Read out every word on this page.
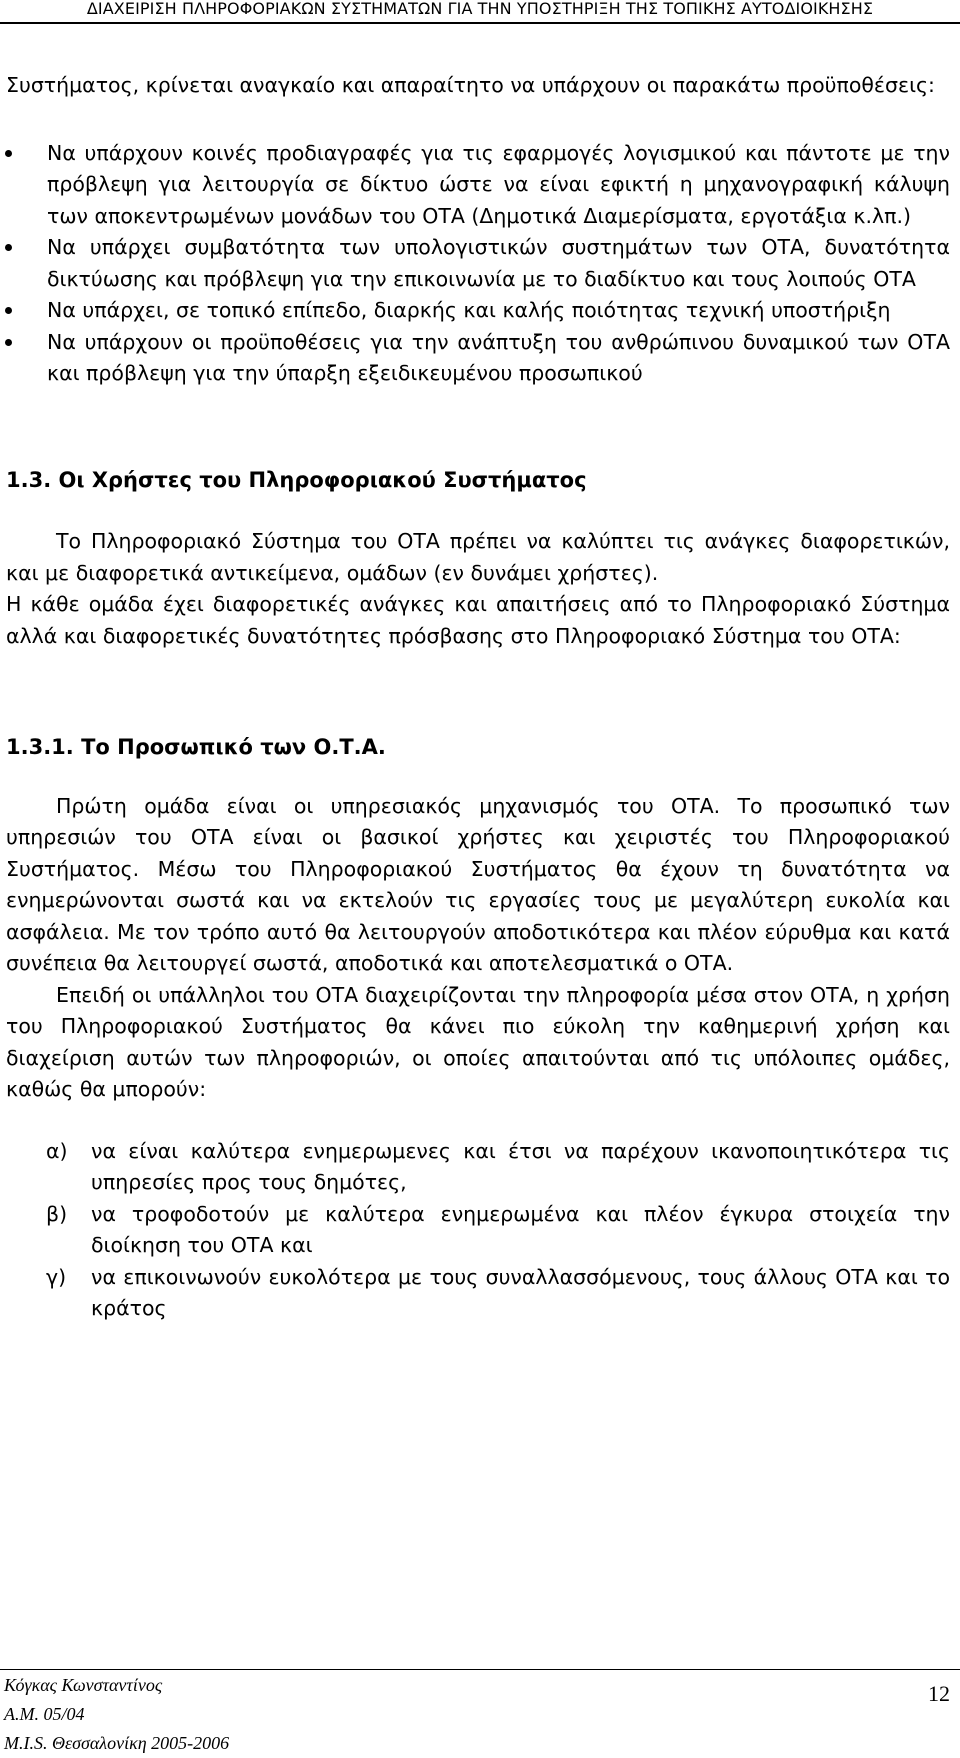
ΔΙΑΧΕΙΡΙΣΗ ΠΛΗΡΟΦΟΡΙΑΚΩΝ ΣΥΣΤΗΜΑΤΩΝ ΓΙΑ ΤΗΝ ΥΠΟΣΤΗΡΙΞΗ ΤΗΣ ΤΟΠΙΚΗΣ ΑΥΤΟΔΙΟΙΚΗΣΗΣ

Συστήματος, κρίνεται αναγκαίο και απαραίτητο να υπάρχουν οι παρακάτω προϋποθέσεις:

Να υπάρχουν κοινές προδιαγραφές για τις εφαρμογές λογισμικού και πάντοτε με την πρόβλεψη για λειτουργία σε δίκτυο ώστε να είναι εφικτή η μηχανογραφική κάλυψη των αποκεντρωμένων μονάδων του ΟΤΑ (Δημοτικά Διαμερίσματα, εργοτάξια κ.λπ.)
Να υπάρχει συμβατότητα των υπολογιστικών συστημάτων των ΟΤΑ, δυνατότητα δικτύωσης και πρόβλεψη για την επικοινωνία με το διαδίκτυο και τους λοιπούς ΟΤΑ
Να υπάρχει, σε τοπικό επίπεδο, διαρκής και καλής ποιότητας τεχνική υποστήριξη
Να υπάρχουν οι προϋποθέσεις για την ανάπτυξη του ανθρώπινου δυναμικού των ΟΤΑ και πρόβλεψη για την ύπαρξη εξειδικευμένου προσωπικού
1.3. Οι Χρήστες του Πληροφοριακού Συστήματος

Το Πληροφοριακό Σύστημα του ΟΤΑ πρέπει να καλύπτει τις ανάγκες διαφορετικών, και με διαφορετικά αντικείμενα, ομάδων (εν δυνάμει χρήστες).

Η κάθε ομάδα έχει διαφορετικές ανάγκες και απαιτήσεις από το Πληροφοριακό Σύστημα αλλά και διαφορετικές δυνατότητες πρόσβασης στο Πληροφοριακό Σύστημα του ΟΤΑ:

1.3.1. Το Προσωπικό των Ο.Τ.Α.

Πρώτη ομάδα είναι οι υπηρεσιακός μηχανισμός του ΟΤΑ. Το προσωπικό των υπηρεσιών του ΟΤΑ είναι οι βασικοί χρήστες και χειριστές του Πληροφοριακού Συστήματος. Μέσω του Πληροφοριακού Συστήματος θα έχουν τη δυνατότητα να ενημερώνονται σωστά και να εκτελούν τις εργασίες τους με μεγαλύτερη ευκολία και ασφάλεια. Με τον τρόπο αυτό θα λειτουργούν αποδοτικότερα και πλέον εύρυθμα και κατά συνέπεια θα λειτουργεί σωστά, αποδοτικά και αποτελεσματικά ο ΟΤΑ.

Επειδή οι υπάλληλοι του ΟΤΑ διαχειρίζονται την πληροφορία μέσα στον ΟΤΑ, η χρήση του Πληροφοριακού Συστήματος θα κάνει πιο εύκολη την καθημερινή χρήση και διαχείριση αυτών των πληροφοριών, οι οποίες απαιτούνται από τις υπόλοιπες ομάδες, καθώς θα μπορούν:

α) να είναι καλύτερα ενημερωμενες και έτσι να παρέχουν ικανοποιητικότερα τις υπηρεσίες προς τους δημότες,
β) να τροφοδοτούν με καλύτερα ενημερωμένα και πλέον έγκυρα στοιχεία την διοίκηση του ΟΤΑ και
γ) να επικοινωνούν ευκολότερα με τους συναλλασσόμενους, τους άλλους ΟΤΑ και το κράτος
Κόγκας Κωνσταντίνος
Α.Μ. 05/04
Μ.Ι.S. Θεσσαλονίκη 2005-2006
12
